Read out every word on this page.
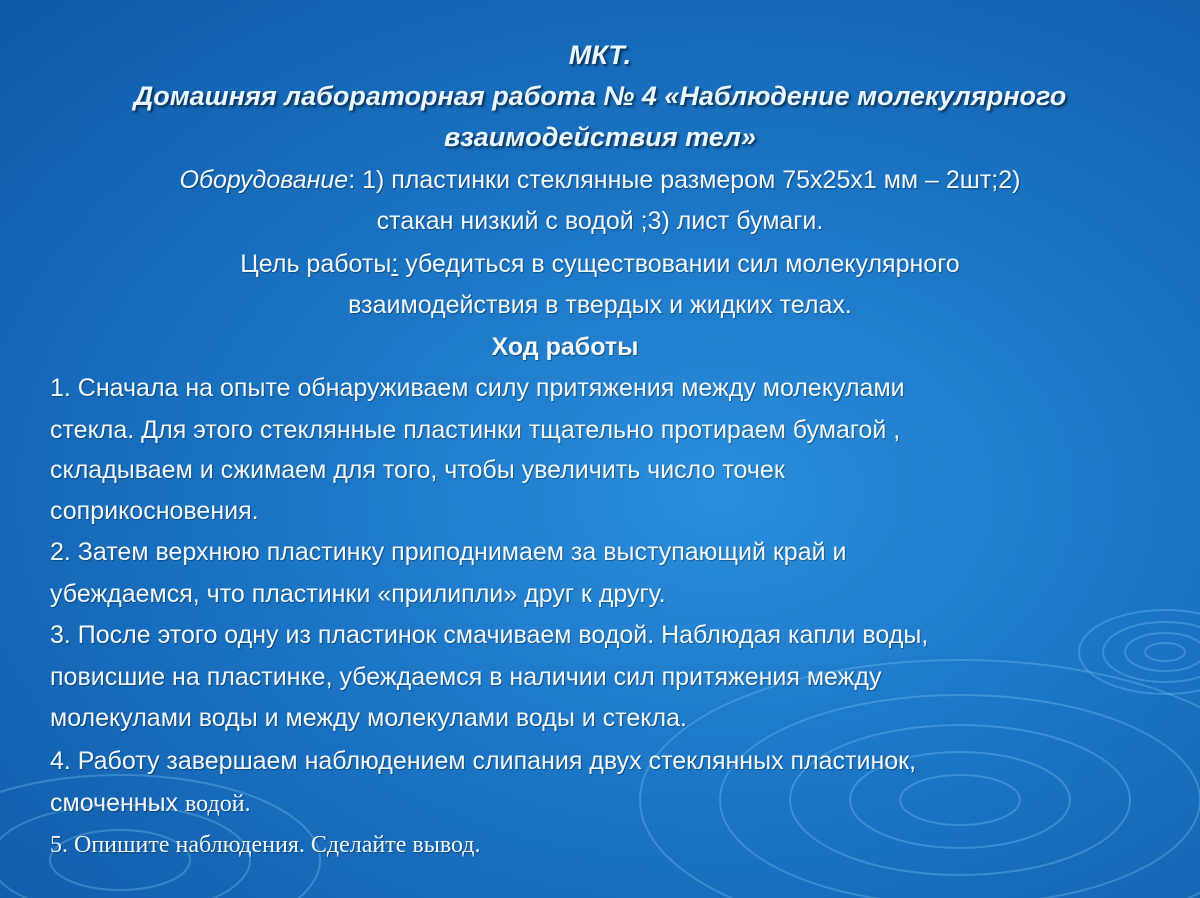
МКТ.
Домашняя лабораторная работа № 4 «Наблюдение молекулярного
взаимодействия тел»
Оборудование: 1) пластинки стеклянные размером 75х25х1 мм – 2шт;2)
стакан низкий с водой ;3) лист бумаги.
Цель работы: убедиться в существовании сил молекулярного
взаимодействия в твердых и жидких телах.
Ход работы
1. Сначала на опыте обнаруживаем силу притяжения между молекулами
стекла. Для этого стеклянные пластинки тщательно протираем бумагой ,
складываем и сжимаем для того, чтобы увеличить число точек
соприкосновения.
2. Затем верхнюю пластинку приподнимаем за выступающий край и
убеждаемся, что пластинки «прилипли» друг к другу.
3. После этого одну из пластинок смачиваем водой. Наблюдая капли воды,
повисшие на пластинке, убеждаемся в наличии сил притяжения между
молекулами воды и между молекулами воды и стекла.
4. Работу завершаем наблюдением слипания двух стеклянных пластинок,
смоченных водой.
5. Опишите наблюдения. Сделайте вывод.
